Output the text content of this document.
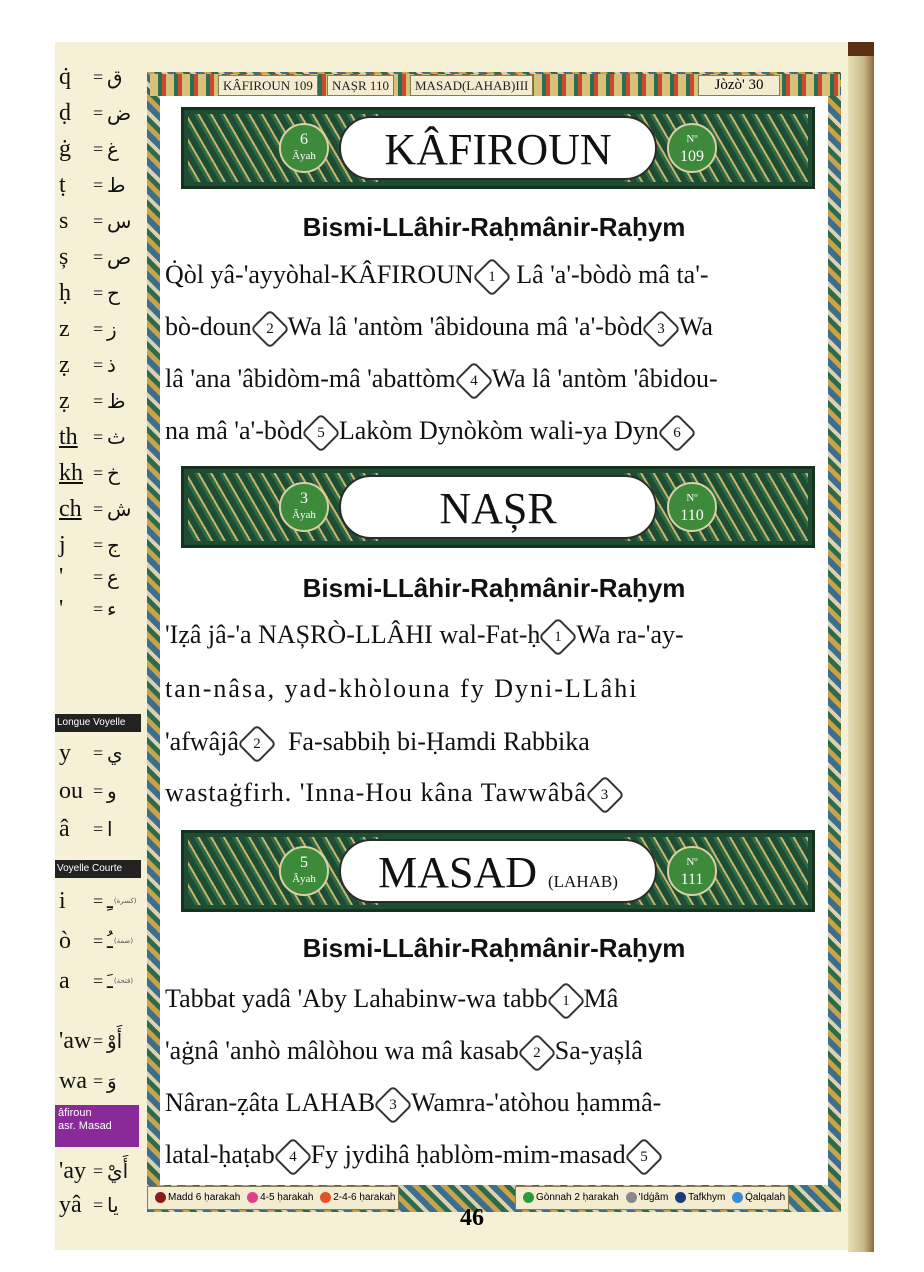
q̇	= ق
ḍ	= ض
ġ	= غ
ṭ	= ط
s	= س
ș	= ص
ḥ	= ح
z	= ز
ẓ	= ذ
ẓ	= ظ
th = ث
kh = خ
ch = ش
j	= ج
'	= ع
'	= ء
Longue Voyelle
y	= ي
ou = و
â	= ا
Voyelle Courte
i	= ـِ (كسرة)
ò	= ـُ (ضمة)
a	= ـَ (فتحة)
'aw = أَوْ
wa = وَ
âfiroun
asr. Masad
'ay = أَيْ
yâ = يا
KÂFIROUN 109	NAȘR 110	MASAD(LAHAB)III	Jòzò' 30
6
Âyah	KÂFIROUN	Nº
109
Bismi-LLâhir-Raḥmânir-Raḥym
Q̇òl yâ-'ayyòhal-KÂFIROUN 1 Lâ 'a'-bòdò mâ ta'-
bò-doun 2 Wa lâ 'antòm 'âbidouna mâ 'a'-bòd 3 Wa
lâ 'ana 'âbidòm-mâ 'abattòm 4 Wa lâ 'antòm 'âbidou-
na mâ 'a'-bòd 5 Lakòm Dynòkòm wali-ya Dyn 6
3
Âyah	NAȘR	Nº
110
Bismi-LLâhir-Raḥmânir-Raḥym
'Iẓâ jâ-'a NAȘRÒ-LLÂHI wal-Fat-ḥ 1 Wa ra-'ay-
tan-nâsa, yad-khòlouna fy Dyni-LLâhi
'afwâjâ 2	Fa-sabbiḥ bi-Ḥamdi Rabbika
wastaġfirh. 'Inna-Hou kâna Tawwâbâ 3
5
Âyah	MASAD (LAHAB)
Nº
111
Bismi-LLâhir-Raḥmânir-Raḥym
Tabbat yadâ 'Aby Lahabinw-wa tabb 1 Mâ
'aġnâ 'anhò mâlòhou wa mâ kasab 2 Sa-yașlâ
Nâran-ẓâta LAHAB 3 Wamra-'atòhou ḥammâ-
latal-ḥaṭab 4 Fy jydihâ ḥablòm-mim-masad 5
Madd 6 ḥarakah 4-5 ḥarakah 2-4-6 ḥarakah	Gònnah 2 ḥarakah 'Idġâm Tafkhym Q̇alqalah
46
